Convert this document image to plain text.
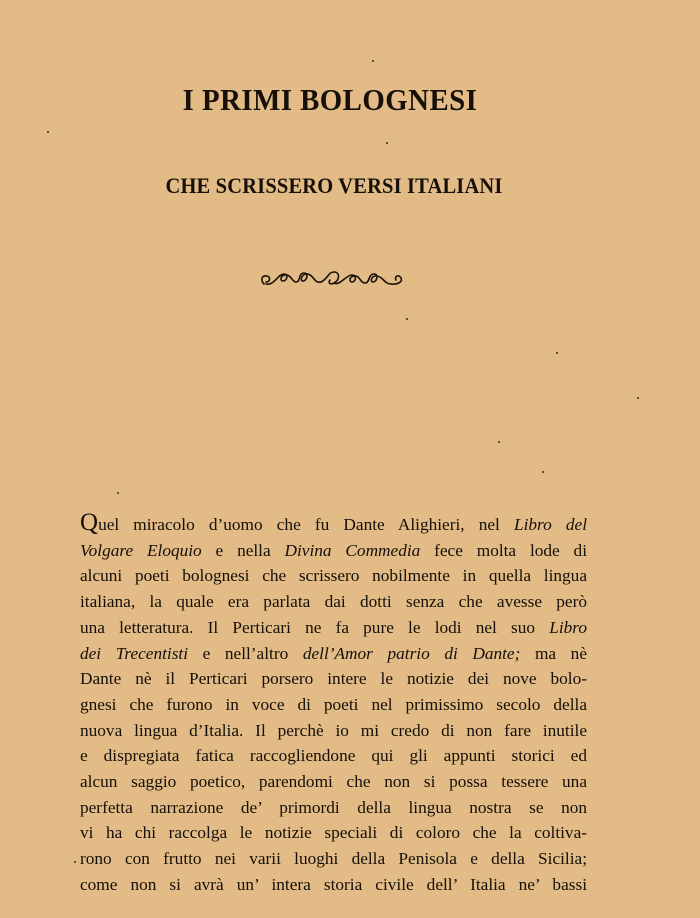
I PRIMI BOLOGNESI
CHE SCRISSERO VERSI ITALIANI
Quel miracolo d’uomo che fu Dante Alighieri, nel Libro del
Volgare Eloquio e nella Divina Commedia fece molta lode di
alcuni poeti bolognesi che scrissero nobilmente in quella lingua
italiana, la quale era parlata dai dotti senza che avesse però
una letteratura. Il Perticari ne fa pure le lodi nel suo Libro
dei Trecentisti e nell’altro dell’Amor patrio di Dante; ma nè
Dante nè il Perticari porsero intere le notizie dei nove bolo-
gnesi che furono in voce di poeti nel primissimo secolo della
nuova lingua d’Italia. Il perchè io mi credo di non fare inutile
e dispregiata fatica raccogliendone qui gli appunti storici ed
alcun saggio poetico, parendomi che non si possa tessere una
perfetta narrazione de’ primordi della lingua nostra se non
vi ha chi raccolga le notizie speciali di coloro che la coltiva-
rono con frutto nei varii luoghi della Penisola e della Sicilia;
come non si avrà un’ intera storia civile dell’ Italia ne’ bassi
